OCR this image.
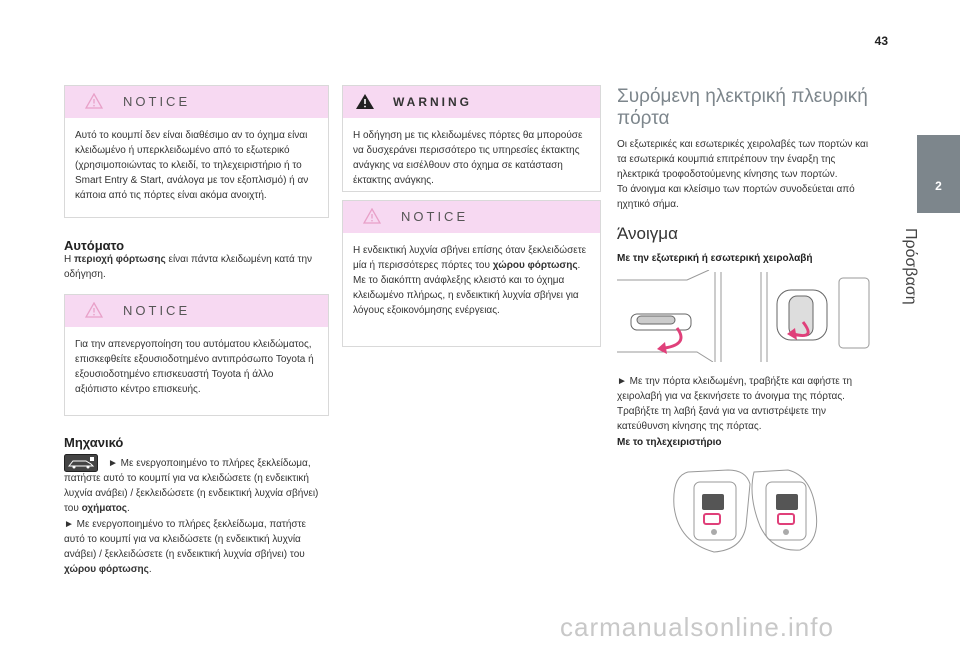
43
2
Πρόσβαση
NOTICE
Αυτό το κουμπί δεν είναι διαθέσιμο αν το όχημα είναι κλειδωμένο ή υπερκλειδωμένο από το εξωτερικό (χρησιμοποιώντας το κλειδί, το τηλεχειριστήριο ή το Smart Entry & Start, ανάλογα με τον εξοπλισμό) ή αν κάποια από τις πόρτες είναι ακόμα ανοιχτή.
Αυτόματο
Η περιοχή φόρτωσης είναι πάντα κλειδωμένη κατά την οδήγηση.
NOTICE
Για την απενεργοποίηση του αυτόματου κλειδώματος, επισκεφθείτε εξουσιοδοτημένο αντιπρόσωπο Toyota ή εξουσιοδοτημένο επισκευαστή Toyota ή άλλο αξιόπιστο κέντρο επισκευής.
Μηχανικό
► Με ενεργοποιημένο το πλήρες ξεκλείδωμα, πατήστε αυτό το κουμπί για να κλειδώσετε (η ενδεικτική λυχνία ανάβει) / ξεκλειδώσετε (η ενδεικτική λυχνία σβήνει) του οχήματος.
► Με ενεργοποιημένο το πλήρες ξεκλείδωμα, πατήστε αυτό το κουμπί για να κλειδώσετε (η ενδεικτική λυχνία ανάβει) / ξεκλειδώσετε (η ενδεικτική λυχνία σβήνει) του χώρου φόρτωσης.
WARNING
Η οδήγηση με τις κλειδωμένες πόρτες θα μπορούσε να δυσχεράνει περισσότερο τις υπηρεσίες έκτακτης ανάγκης να εισέλθουν στο όχημα σε κατάσταση έκτακτης ανάγκης.
NOTICE
Η ενδεικτική λυχνία σβήνει επίσης όταν ξεκλειδώσετε μία ή περισσότερες πόρτες του χώρου φόρτωσης.
Με το διακόπτη ανάφλεξης κλειστό και το όχημα κλειδωμένο πλήρως, η ενδεικτική λυχνία σβήνει για λόγους εξοικονόμησης ενέργειας.
Συρόμενη ηλεκτρική πλευρική πόρτα
Οι εξωτερικές και εσωτερικές χειρολαβές των πορτών και τα εσωτερικά κουμπιά επιτρέπουν την έναρξη της ηλεκτρικά τροφοδοτούμενης κίνησης των πορτών.
Το άνοιγμα και κλείσιμο των πορτών συνοδεύεται από ηχητικό σήμα.
Άνοιγμα
Με την εξωτερική ή εσωτερική χειρολαβή
► Με την πόρτα κλειδωμένη, τραβήξτε και αφήστε τη χειρολαβή για να ξεκινήσετε το άνοιγμα της πόρτας. Τραβήξτε τη λαβή ξανά για να αντιστρέψετε την κατεύθυνση κίνησης της πόρτας.
Με το τηλεχειριστήριο
carmanualsonline.info
